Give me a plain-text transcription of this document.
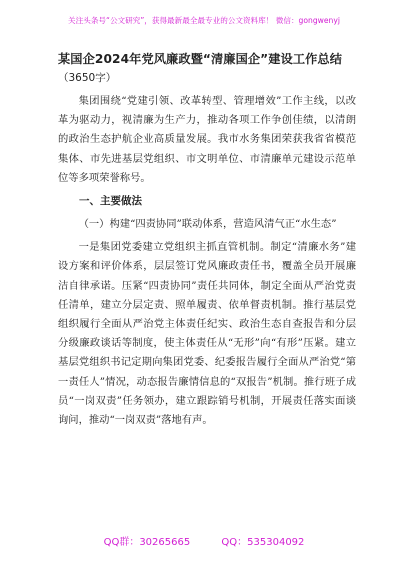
关注头条号“公文研究”，获得最新最全最专业的公文资料库！ 微信：gongwenyj

某国企2024年党风廉政暨“清廉国企”建设工作总结

（3650字）

集团围绕“党建引领、改革转型、管理增效”工作主线，以改革为驱动力，视清廉为生产力，推动各项工作争创佳绩，以清朗的政治生态护航企业高质量发展。我市水务集团荣获我省省模范集体、市先进基层党组织、市文明单位、市清廉单元建设示范单位等多项荣誉称号。

一、主要做法

（一）构建“四责协同”联动体系，营造风清气正“水生态”

一是集团党委建立党组织主抓直管机制。制定“清廉水务”建设方案和评价体系，层层签订党风廉政责任书，覆盖全员开展廉洁自律承诺。压紧“四责协同”责任共同体，制定全面从严治党责任清单，建立分层定责、照单履责、依单督责机制。推行基层党组织履行全面从严治党主体责任纪实、政治生态自查报告和分层分级廉政谈话等制度，使主体责任从“无形”向“有形”压紧。建立基层党组织书记定期向集团党委、纪委报告履行全面从严治党“第一责任人”情况，动态报告廉情信息的“双报告”机制。推行班子成员“一岗双责”任务领办，建立跟踪销号机制，开展责任落实面谈询问，推动“一岗双责”落地有声。

QQ群：30265665	QQ：535304092
